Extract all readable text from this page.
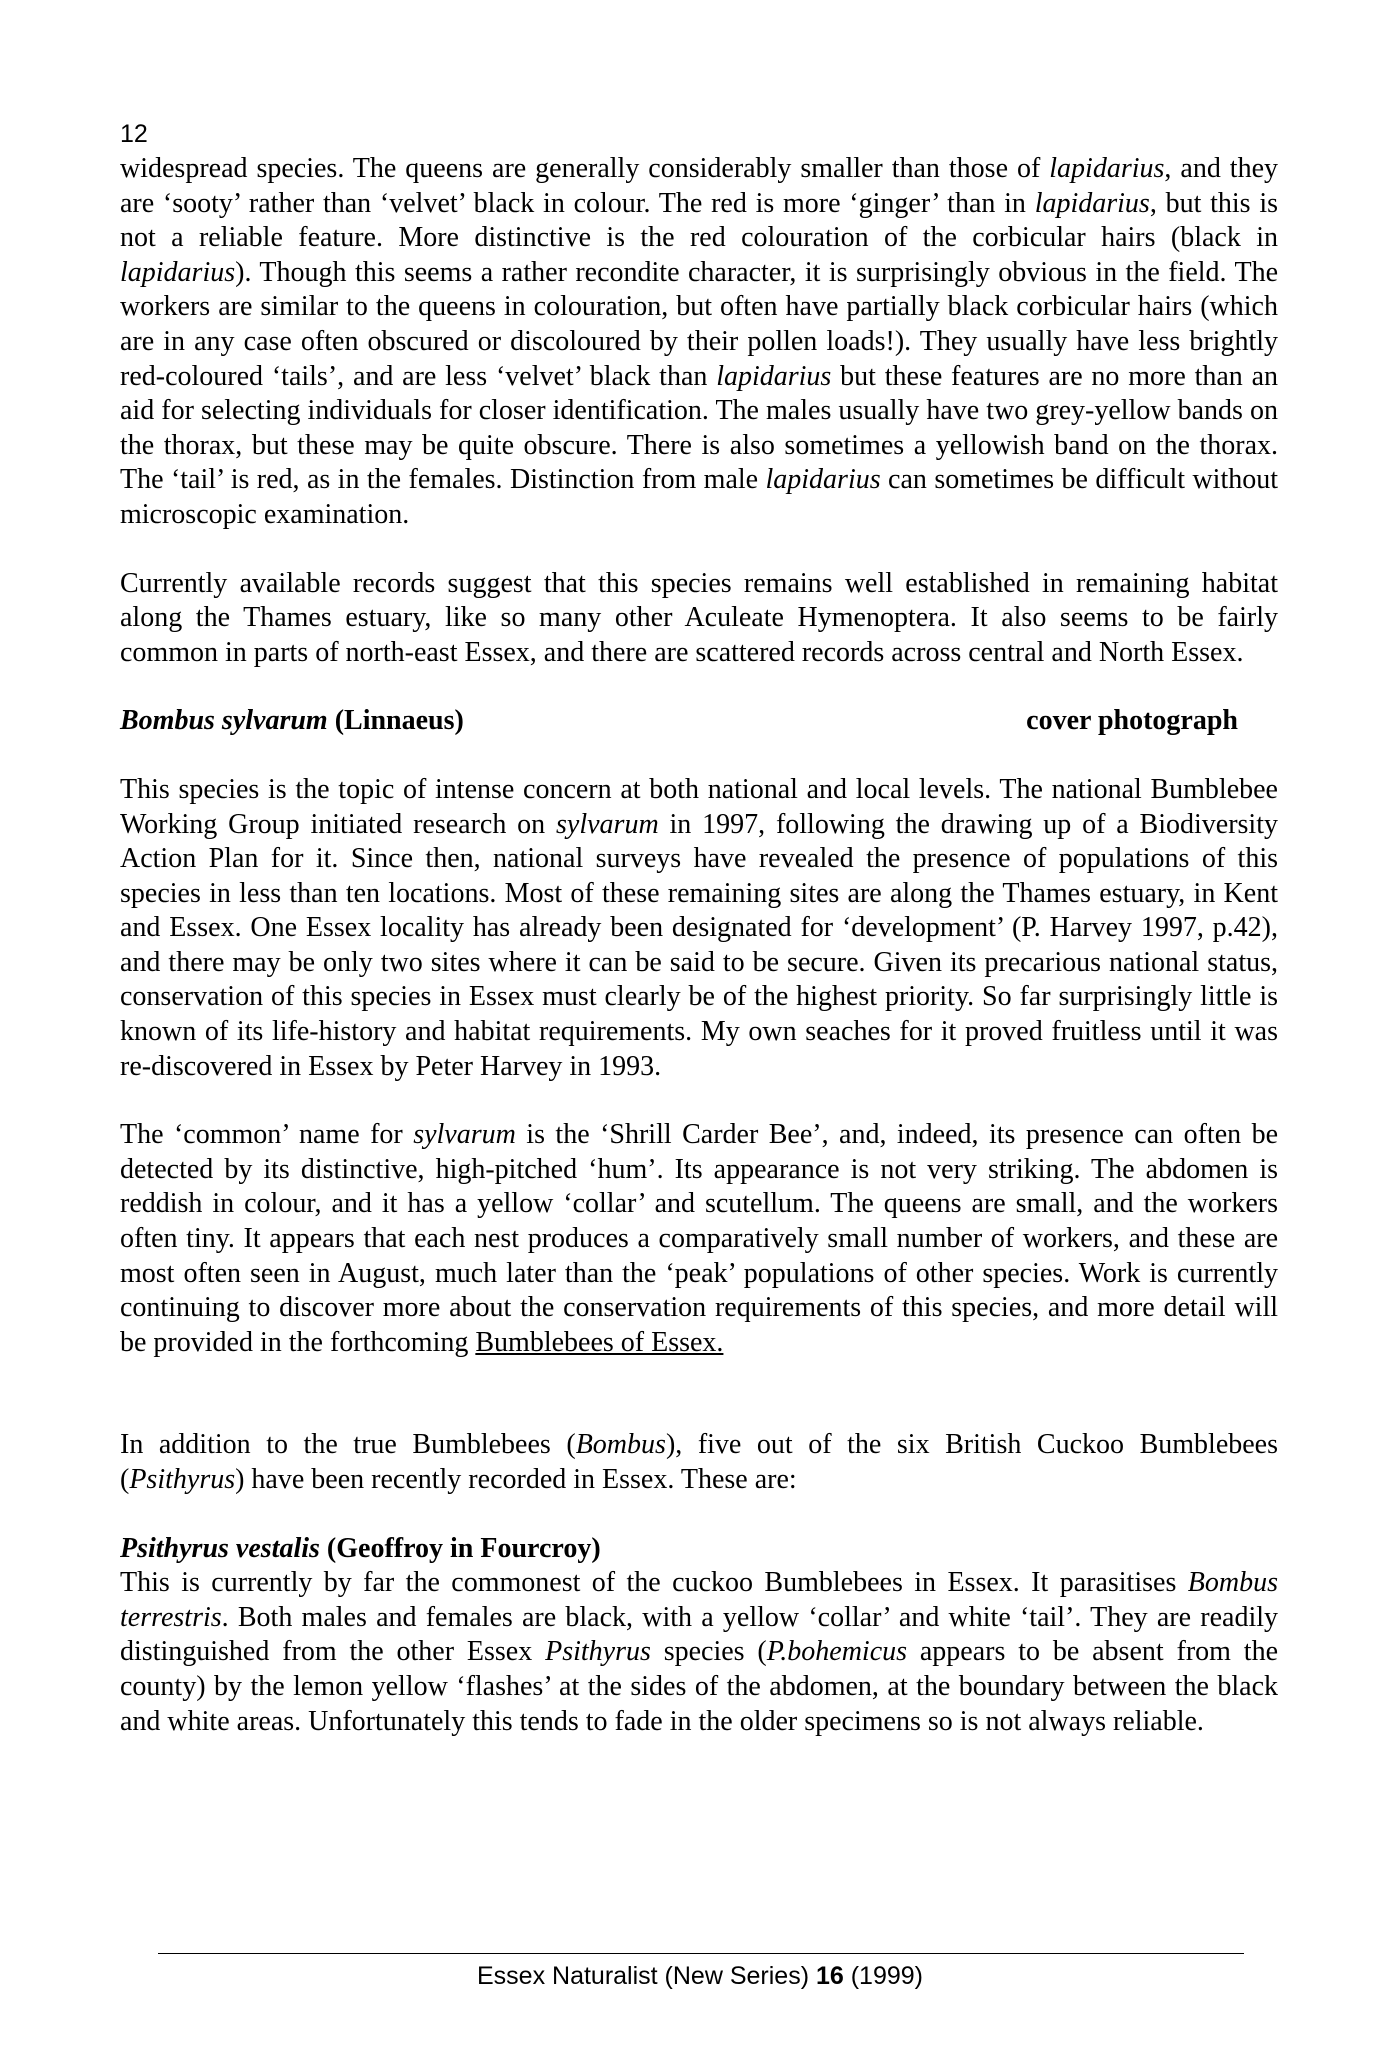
12

widespread species. The queens are generally considerably smaller than those of lapidarius, and they are ‘sooty’ rather than ‘velvet’ black in colour. The red is more ‘ginger’ than in lapidarius, but this is not a reliable feature. More distinctive is the red colouration of the corbicular hairs (black in lapidarius). Though this seems a rather recondite character, it is surprisingly obvious in the field. The workers are similar to the queens in colouration, but often have partially black corbicular hairs (which are in any case often obscured or discoloured by their pollen loads!). They usually have less brightly red-coloured ‘tails’, and are less ‘velvet’ black than lapidarius but these features are no more than an aid for selecting individuals for closer identification. The males usually have two grey-yellow bands on the thorax, but these may be quite obscure. There is also sometimes a yellowish band on the thorax. The ‘tail’ is red, as in the females. Distinction from male lapidarius can sometimes be difficult without microscopic examination.

Currently available records suggest that this species remains well established in remaining habitat along the Thames estuary, like so many other Aculeate Hymenoptera. It also seems to be fairly common in parts of north-east Essex, and there are scattered records across central and North Essex.

Bombus sylvarum (Linnaeus)	cover photograph

This species is the topic of intense concern at both national and local levels. The national Bumblebee Working Group initiated research on sylvarum in 1997, following the drawing up of a Biodiversity Action Plan for it. Since then, national surveys have revealed the presence of populations of this species in less than ten locations. Most of these remaining sites are along the Thames estuary, in Kent and Essex. One Essex locality has already been designated for ‘development’ (P. Harvey 1997, p.42), and there may be only two sites where it can be said to be secure. Given its precarious national status, conservation of this species in Essex must clearly be of the highest priority. So far surprisingly little is known of its life-history and habitat requirements. My own seaches for it proved fruitless until it was re-discovered in Essex by Peter Harvey in 1993.

The ‘common’ name for sylvarum is the ‘Shrill Carder Bee’, and, indeed, its presence can often be detected by its distinctive, high-pitched ‘hum’. Its appearance is not very striking. The abdomen is reddish in colour, and it has a yellow ‘collar’ and scutellum. The queens are small, and the workers often tiny. It appears that each nest produces a comparatively small number of workers, and these are most often seen in August, much later than the ‘peak’ populations of other species. Work is currently continuing to discover more about the conservation requirements of this species, and more detail will be provided in the forthcoming Bumblebees of Essex.

In addition to the true Bumblebees (Bombus), five out of the six British Cuckoo Bumblebees (Psithyrus) have been recently recorded in Essex. These are:

Psithyrus vestalis (Geoffroy in Fourcroy)

This is currently by far the commonest of the cuckoo Bumblebees in Essex. It parasitises Bombus terrestris. Both males and females are black, with a yellow ‘collar’ and white ‘tail’. They are readily distinguished from the other Essex Psithyrus species (P.bohemicus appears to be absent from the county) by the lemon yellow ‘flashes’ at the sides of the abdomen, at the boundary between the black and white areas. Unfortunately this tends to fade in the older specimens so is not always reliable.

Essex Naturalist (New Series) 16 (1999)
